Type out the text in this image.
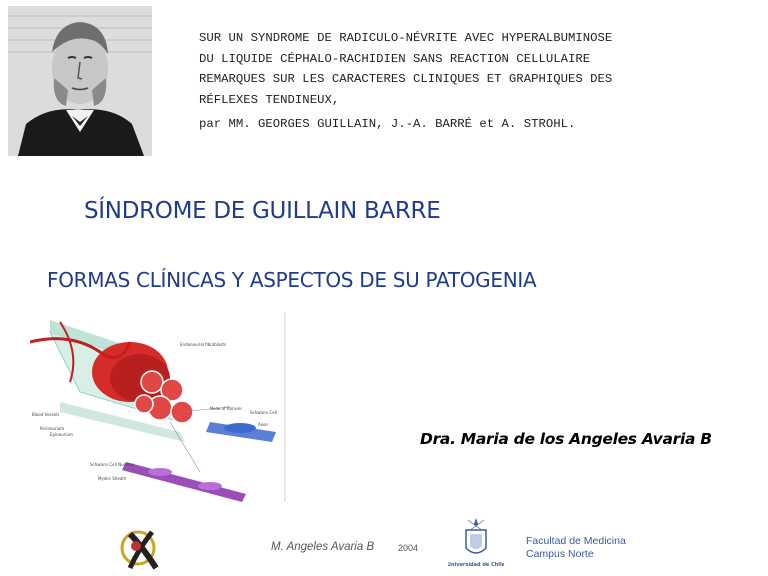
SUR UN SYNDROME DE RADICULO-NÉVRITE AVEC HYPERALBUMINOSE
DU LIQUIDE CÉPHALO-RACHIDIEN SANS REACTION CELLULAIRE
REMARQUES SUR LES CARACTERES CLINIQUES ET GRAPHIQUES DES
RÉFLEXES TENDINEUX,
par MM. GEORGES GUILLAIN, J.-A. BARRÉ et A. STROHL.
SÍNDROME DE GUILLAIN BARRE
FORMAS CLÍNICAS Y ASPECTOS DE SU PATOGENIA
Endoneurial fibroblasts
Blood Vessels
Perineurium
Epineurium
Schwann Cell Nucleus
Myelin Sheath
Node of Ranvier
Axon
Schwann Cell
Dra. Maria de los Angeles Avaria B
M. Angeles Avaria B	2004
Universidad de Chile
Facultad de Medicina
Campus Norte
